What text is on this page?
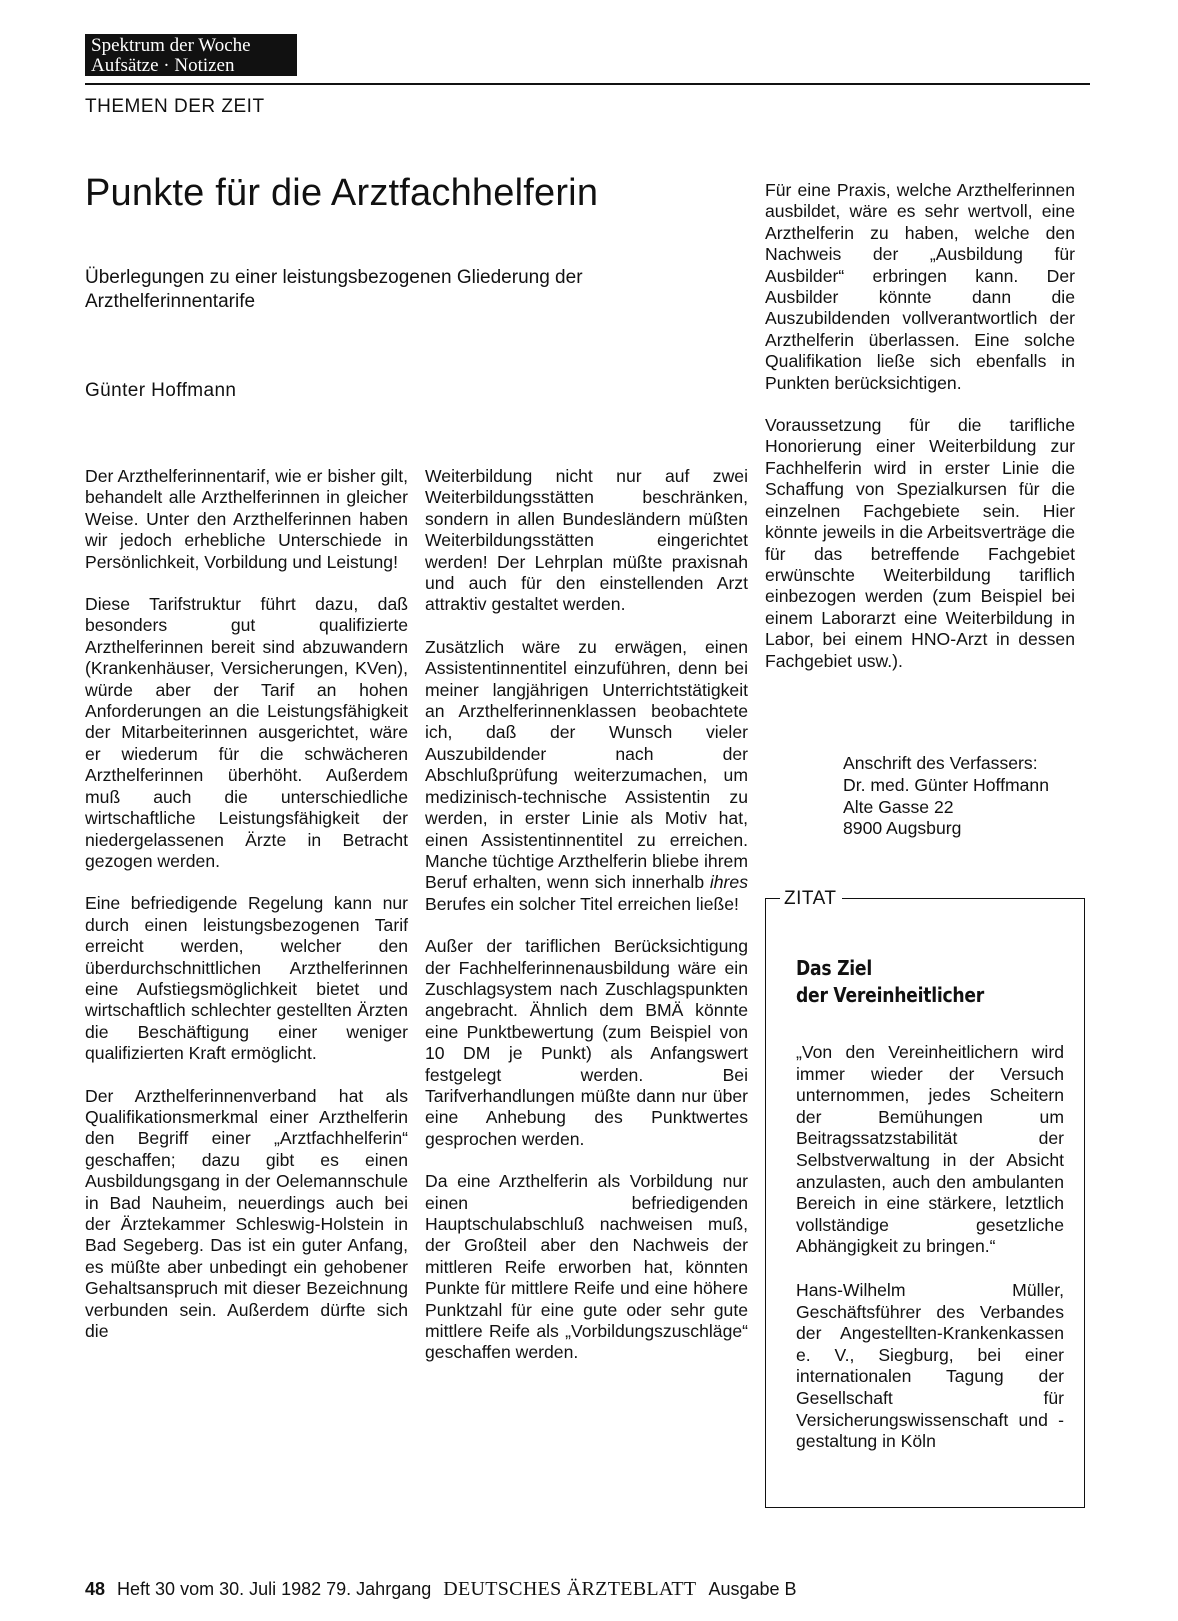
Spektrum der Woche
Aufsätze · Notizen
THEMEN DER ZEIT
Punkte für die Arztfachhelferin
Überlegungen zu einer leistungsbezogenen Gliederung der Arzthelferinnentarife
Günter Hoffmann

Der Arzthelferinnentarif, wie er bisher gilt, behandelt alle Arzthelferinnen in gleicher Weise. Unter den Arzthelferinnen haben wir jedoch erhebliche Unterschiede in Persönlichkeit, Vorbildung und Leistung!

Diese Tarifstruktur führt dazu, daß besonders gut qualifizierte Arzthelferinnen bereit sind abzuwandern (Krankenhäuser, Versicherungen, KVen), würde aber der Tarif an hohen Anforderungen an die Leistungsfähigkeit der Mitarbeiterinnen ausgerichtet, wäre er wiederum für die schwächeren Arzthelferinnen überhöht. Außerdem muß auch die unterschiedliche wirtschaftliche Leistungsfähigkeit der niedergelassenen Ärzte in Betracht gezogen werden.

Eine befriedigende Regelung kann nur durch einen leistungsbezogenen Tarif erreicht werden, welcher den überdurchschnittlichen Arzthelferinnen eine Aufstiegsmöglichkeit bietet und wirtschaftlich schlechter gestellten Ärzten die Beschäftigung einer weniger qualifizierten Kraft ermöglicht.

Der Arzthelferinnenverband hat als Qualifikationsmerkmal einer Arzthelferin den Begriff einer „Arztfachhelferin“ geschaffen; dazu gibt es einen Ausbildungsgang in der Oelemannschule in Bad Nauheim, neuerdings auch bei der Ärztekammer Schleswig-Holstein in Bad Segeberg. Das ist ein guter Anfang, es müßte aber unbedingt ein gehobener Gehaltsanspruch mit dieser Bezeichnung verbunden sein. Außerdem dürfte sich die

Weiterbildung nicht nur auf zwei Weiterbildungsstätten beschränken, sondern in allen Bundesländern müßten Weiterbildungsstätten eingerichtet werden! Der Lehrplan müßte praxisnah und auch für den einstellenden Arzt attraktiv gestaltet werden.

Zusätzlich wäre zu erwägen, einen Assistentinnentitel einzuführen, denn bei meiner langjährigen Unterrichtstätigkeit an Arzthelferinnenklassen beobachtete ich, daß der Wunsch vieler Auszubildender nach der Abschlußprüfung weiterzumachen, um medizinisch-technische Assistentin zu werden, in erster Linie als Motiv hat, einen Assistentinnentitel zu erreichen. Manche tüchtige Arzthelferin bliebe ihrem Beruf erhalten, wenn sich innerhalb ihres Berufes ein solcher Titel erreichen ließe!

Außer der tariflichen Berücksichtigung der Fachhelferinnenausbildung wäre ein Zuschlagsystem nach Zuschlagspunkten angebracht. Ähnlich dem BMÄ könnte eine Punktbewertung (zum Beispiel von 10 DM je Punkt) als Anfangswert festgelegt werden. Bei Tarifverhandlungen müßte dann nur über eine Anhebung des Punktwertes gesprochen werden.

Da eine Arzthelferin als Vorbildung nur einen befriedigenden Hauptschulabschluß nachweisen muß, der Großteil aber den Nachweis der mittleren Reife erworben hat, könnten Punkte für mittlere Reife und eine höhere Punktzahl für eine gute oder sehr gute mittlere Reife als „Vorbildungszuschläge“ geschaffen werden.

Für eine Praxis, welche Arzthelferinnen ausbildet, wäre es sehr wertvoll, eine Arzthelferin zu haben, welche den Nachweis der „Ausbildung für Ausbilder“ erbringen kann. Der Ausbilder könnte dann die Auszubildenden vollverantwortlich der Arzthelferin überlassen. Eine solche Qualifikation ließe sich ebenfalls in Punkten berücksichtigen.

Voraussetzung für die tarifliche Honorierung einer Weiterbildung zur Fachhelferin wird in erster Linie die Schaffung von Spezialkursen für die einzelnen Fachgebiete sein. Hier könnte jeweils in die Arbeitsverträge die für das betreffende Fachgebiet erwünschte Weiterbildung tariflich einbezogen werden (zum Beispiel bei einem Laborarzt eine Weiterbildung in Labor, bei einem HNO-Arzt in dessen Fachgebiet usw.).

Anschrift des Verfassers:
Dr. med. Günter Hoffmann
Alte Gasse 22
8900 Augsburg
ZITAT
Das Ziel
der Vereinheitlicher

„Von den Vereinheitlichern wird immer wieder der Versuch unternommen, jedes Scheitern der Bemühungen um Beitragssatzstabilität der Selbstverwaltung in der Absicht anzulasten, auch den ambulanten Bereich in eine stärkere, letztlich vollständige gesetzliche Abhängigkeit zu bringen.“

Hans-Wilhelm Müller, Geschäftsführer des Verbandes der Angestellten-Krankenkassen e. V., Siegburg, bei einer internationalen Tagung der Gesellschaft für Versicherungswissenschaft und -gestaltung in Köln

48 Heft 30 vom 30. Juli 1982 79. Jahrgang DEUTSCHES ÄRZTEBLATT Ausgabe B
